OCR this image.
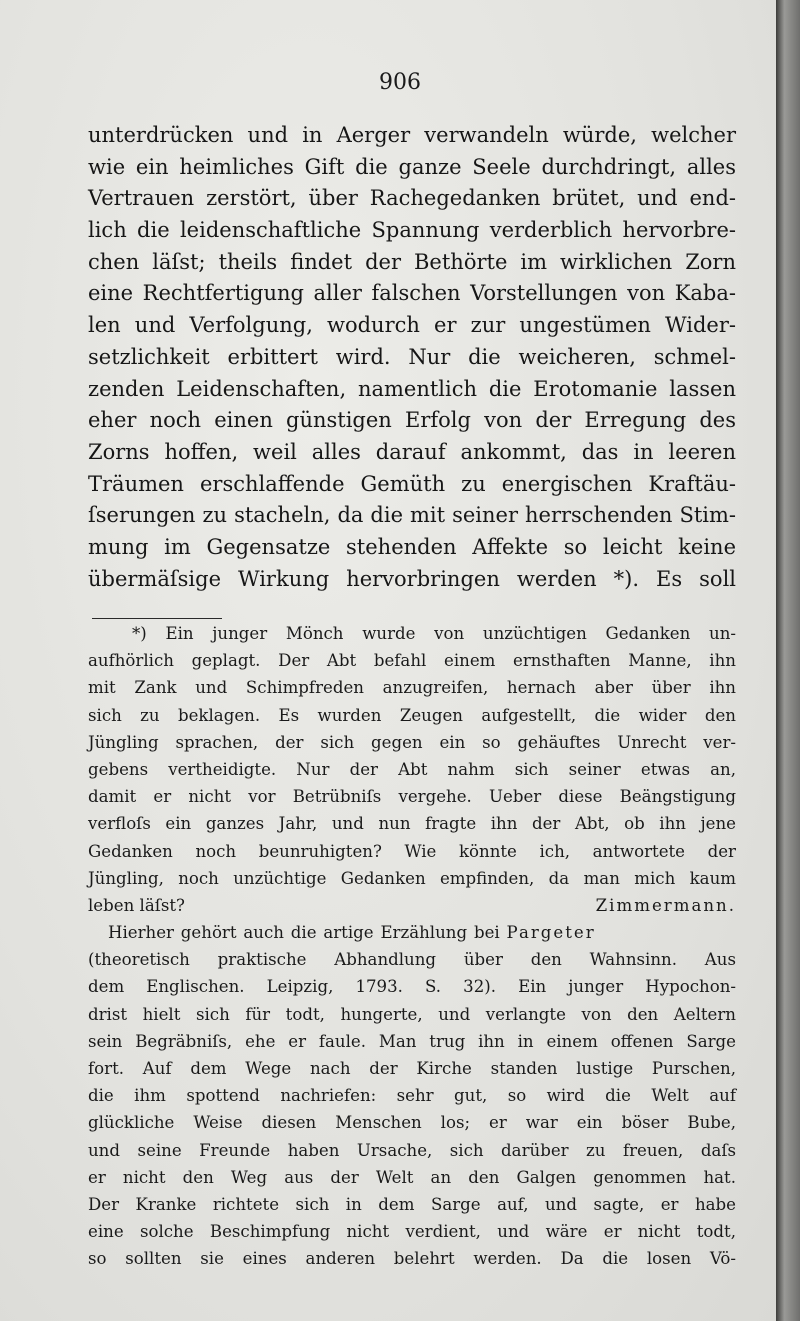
906
unterdrücken und in Aerger verwandeln würde, welcher
wie ein heimliches Gift die ganze Seele durchdringt, alles
Vertrauen zerstört, über Rachegedanken brütet, und end-
lich die leidenschaftliche Spannung verderblich hervorbre-
chen läſst; theils findet der Bethörte im wirklichen Zorn
eine Rechtfertigung aller falschen Vorstellungen von Kaba-
len und Verfolgung, wodurch er zur ungestümen Wider-
setzlichkeit erbittert wird. Nur die weicheren, schmel-
zenden Leidenschaften, namentlich die Erotomanie lassen
eher noch einen günstigen Erfolg von der Erregung des
Zorns hoffen, weil alles darauf ankommt, das in leeren
Träumen erschlaffende Gemüth zu energischen Kraftäu-
ſserungen zu stacheln, da die mit seiner herrschenden Stim-
mung im Gegensatze stehenden Affekte so leicht keine
übermäſsige Wirkung hervorbringen werden *). Es soll
*) Ein junger Mönch wurde von unzüchtigen Gedanken un-
aufhörlich geplagt. Der Abt befahl einem ernsthaften Manne, ihn
mit Zank und Schimpfreden anzugreifen, hernach aber über ihn
sich zu beklagen. Es wurden Zeugen aufgestellt, die wider den
Jüngling sprachen, der sich gegen ein so gehäuftes Unrecht ver-
gebens vertheidigte. Nur der Abt nahm sich seiner etwas an,
damit er nicht vor Betrübniſs vergehe. Ueber diese Beängstigung
verfloſs ein ganzes Jahr, und nun fragte ihn der Abt, ob ihn jene
Gedanken noch beunruhigten? Wie könnte ich, antwortete der
Jüngling, noch unzüchtige Gedanken empfinden, da man mich kaum
leben läſst?	Zimmermann.
Hierher gehört auch die artige Erzählung bei Pargeter
(theoretisch praktische Abhandlung über den Wahnsinn. Aus
dem Englischen. Leipzig, 1793. S. 32). Ein junger Hypochon-
drist hielt sich für todt, hungerte, und verlangte von den Aeltern
sein Begräbniſs, ehe er faule. Man trug ihn in einem offenen Sarge
fort. Auf dem Wege nach der Kirche standen lustige Purschen,
die ihm spottend nachriefen: sehr gut, so wird die Welt auf
glückliche Weise diesen Menschen los; er war ein böser Bube,
und seine Freunde haben Ursache, sich darüber zu freuen, daſs
er nicht den Weg aus der Welt an den Galgen genommen hat.
Der Kranke richtete sich in dem Sarge auf, und sagte, er habe
eine solche Beschimpfung nicht verdient, und wäre er nicht todt,
so sollten sie eines anderen belehrt werden. Da die losen Vö-
